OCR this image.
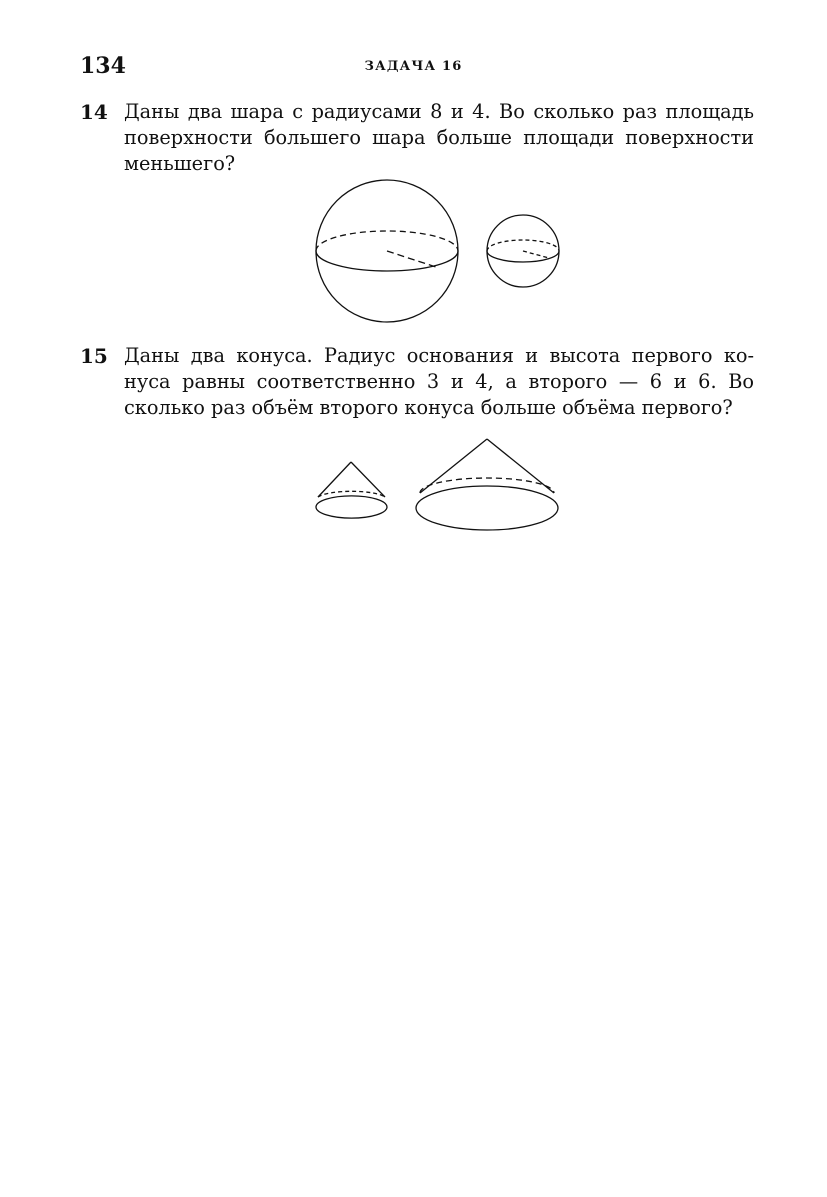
134	ЗАДАЧА 16
14 Даны два шара с радиусами 8 и 4. Во сколько раз площадь
поверхности большего шара больше площади поверхности
меньшего?
15 Даны два конуса. Радиус основания и высота первого ко-
нуса равны соответственно 3 и 4, а второго — 6 и 6. Во
сколько раз объём второго конуса больше объёма первого?
